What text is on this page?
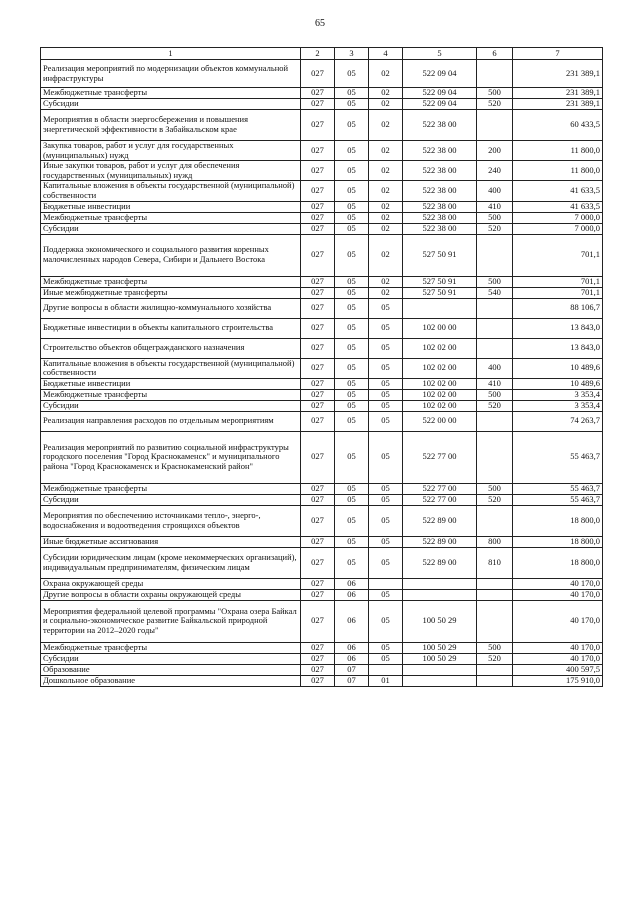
65
1	2	3	4	5	6	7
Реализация мероприятий по модернизации объектов коммунальной инфраструктуры	027	05	02	522 09 04		231 389,1
Межбюджетные трансферты	027	05	02	522 09 04	500	231 389,1
Субсидии	027	05	02	522 09 04	520	231 389,1
Мероприятия в области энергосбережения и повышения энергетической эффективности в Забайкальском крае	027	05	02	522 38 00		60 433,5
Закупка товаров, работ и услуг для государственных (муниципальных) нужд	027	05	02	522 38 00	200	11 800,0
Иные закупки товаров, работ и услуг для обеспечения государственных (муниципальных) нужд	027	05	02	522 38 00	240	11 800,0
Капитальные вложения в объекты государственной (муниципальной) собственности	027	05	02	522 38 00	400	41 633,5
Бюджетные инвестиции	027	05	02	522 38 00	410	41 633,5
Межбюджетные трансферты	027	05	02	522 38 00	500	7 000,0
Субсидии	027	05	02	522 38 00	520	7 000,0
Поддержка экономического и социального развития коренных малочисленных народов Севера, Сибири и Дальнего Востока	027	05	02	527 50 91		701,1
Межбюджетные трансферты	027	05	02	527 50 91	500	701,1
Иные межбюджетные трансферты	027	05	02	527 50 91	540	701,1
Другие вопросы в области жилищно-коммунального хозяйства	027	05	05			88 106,7
Бюджетные инвестиции в объекты капитального строительства	027	05	05	102 00 00		13 843,0
Строительство объектов общегражданского назначения	027	05	05	102 02 00		13 843,0
Капитальные вложения в объекты государственной (муниципальной) собственности	027	05	05	102 02 00	400	10 489,6
Бюджетные инвестиции	027	05	05	102 02 00	410	10 489,6
Межбюджетные трансферты	027	05	05	102 02 00	500	3 353,4
Субсидии	027	05	05	102 02 00	520	3 353,4
Реализация направления расходов по отдельным мероприятиям	027	05	05	522 00 00		74 263,7
Реализация мероприятий по развитию социальной инфраструктуры городского поселения "Город Краснокаменск" и муниципального района "Город Краснокаменск и Краснокаменский район"	027	05	05	522 77 00		55 463,7
Межбюджетные трансферты	027	05	05	522 77 00	500	55 463,7
Субсидии	027	05	05	522 77 00	520	55 463,7
Мероприятия по обеспечению источниками тепло-, энерго-, водоснабжения и водоотведения строящихся объектов	027	05	05	522 89 00		18 800,0
Иные бюджетные ассигнования	027	05	05	522 89 00	800	18 800,0
Субсидии юридическим лицам (кроме некоммерческих организаций), индивидуальным предпринимателям, физическим лицам	027	05	05	522 89 00	810	18 800,0
Охрана окружающей среды	027	06				40 170,0
Другие вопросы в области охраны окружающей среды	027	06	05			40 170,0
Мероприятия федеральной целевой программы "Охрана озера Байкал и социально-экономическое развитие Байкальской природной территории на 2012–2020 годы"	027	06	05	100 50 29		40 170,0
Межбюджетные трансферты	027	06	05	100 50 29	500	40 170,0
Субсидии	027	06	05	100 50 29	520	40 170,0
Образование	027	07				400 597,5
Дошкольное образование	027	07	01			175 910,0
